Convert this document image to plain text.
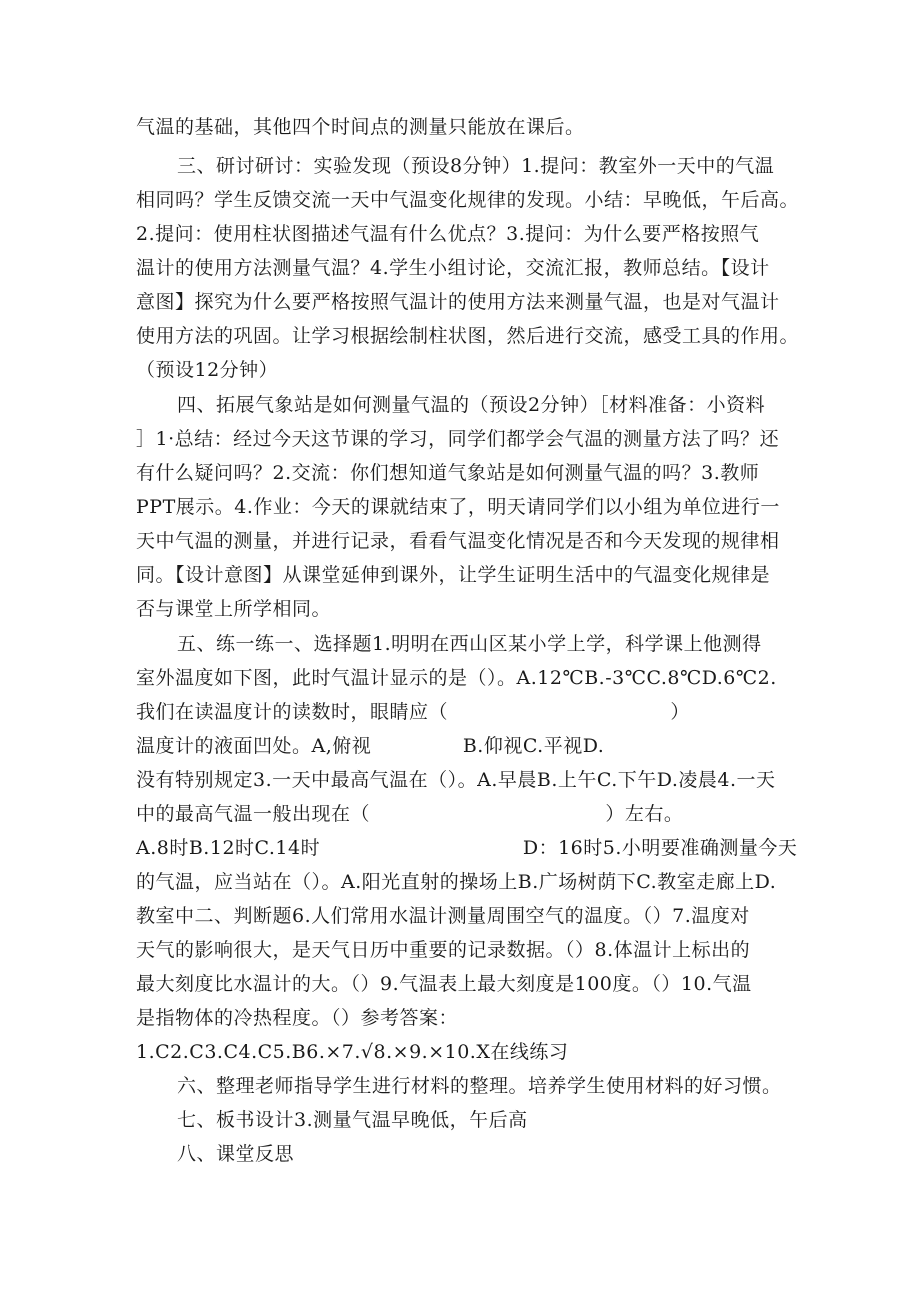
气温的基础，其他四个时间点的测量只能放在课后。
三、研讨研讨：实验发现（预设8分钟）1.提问：教室外一天中的气温
相同吗？学生反馈交流一天中气温变化规律的发现。小结：早晚低，午后高。
2.提问：使用柱状图描述气温有什么优点？3.提问：为什么要严格按照气
温计的使用方法测量气温？4.学生小组讨论，交流汇报，教师总结。【设计
意图】探究为什么要严格按照气温计的使用方法来测量气温，也是对气温计
使用方法的巩固。让学习根据绘制柱状图，然后进行交流，感受工具的作用。
（预设12分钟）
四、拓展气象站是如何测量气温的（预设2分钟）［材料准备：小资料
］1·总结：经过今天这节课的学习，同学们都学会气温的测量方法了吗？还
有什么疑问吗？2.交流：你们想知道气象站是如何测量气温的吗？3.教师
PPT展示。4.作业：今天的课就结束了，明天请同学们以小组为单位进行一
天中气温的测量，并进行记录，看看气温变化情况是否和今天发现的规律相
同。【设计意图】从课堂延伸到课外，让学生证明生活中的气温变化规律是
否与课堂上所学相同。
五、练一练一、选择题1.明明在西山区某小学上学，科学课上他测得
室外温度如下图，此时气温计显示的是（）。A.12℃B.-3℃C.8℃D.6℃2.
我们在读温度计的读数时，眼睛应（                                  ）
温度计的液面凹处。A,俯视              B.仰视C.平视D.
没有特别规定3.一天中最高气温在（）。A.早晨B.上午C.下午D.凌晨4.一天
中的最高气温一般出现在（                                    ）左右。
A.8时B.12时C.14时                               D：16时5.小明要准确测量今天
的气温，应当站在（）。A.阳光直射的操场上B.广场树荫下C.教室走廊上D.
教室中二、判断题6.人们常用水温计测量周围空气的温度。（）7.温度对
天气的影响很大，是天气日历中重要的记录数据。（）8.体温计上标出的
最大刻度比水温计的大。（）9.气温表上最大刻度是100度。（）10.气温
是指物体的冷热程度。（）参考答案：
1.C2.C3.C4.C5.B6.×7.√8.×9.×10.X在线练习
六、整理老师指导学生进行材料的整理。培养学生使用材料的好习惯。
七、板书设计3.测量气温早晚低，午后高
八、课堂反思
